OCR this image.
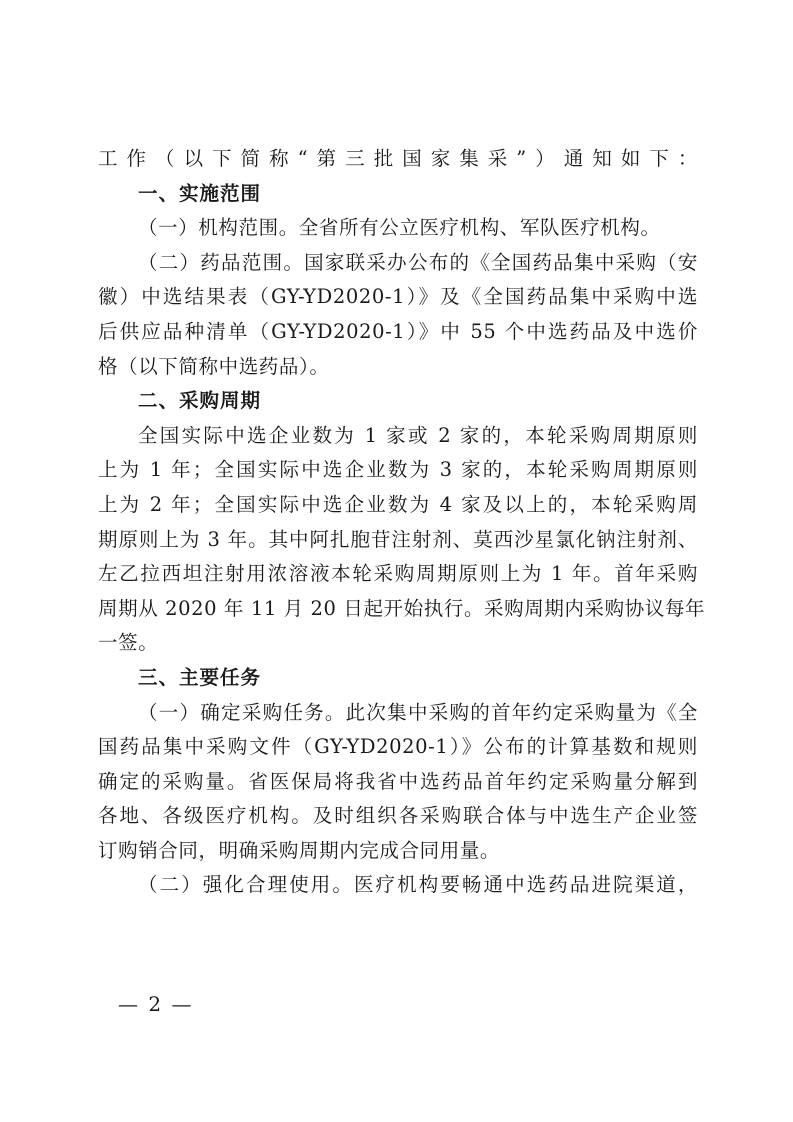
工作（以下简称“第三批国家集采”）通知如下：
一、实施范围
（一）机构范围。全省所有公立医疗机构、军队医疗机构。
（二）药品范围。国家联采办公布的《全国药品集中采购（安
徽）中选结果表（GY-YD2020-1）》及《全国药品集中采购中选
后供应品种清单（GY-YD2020-1）》中 55 个中选药品及中选价
格（以下简称中选药品）。
二、采购周期
全国实际中选企业数为 1 家或 2 家的，本轮采购周期原则
上为 1 年；全国实际中选企业数为 3 家的，本轮采购周期原则
上为 2 年；全国实际中选企业数为 4 家及以上的，本轮采购周
期原则上为 3 年。其中阿扎胞苷注射剂、莫西沙星氯化钠注射剂、
左乙拉西坦注射用浓溶液本轮采购周期原则上为 1 年。首年采购
周期从 2020 年 11 月 20 日起开始执行。采购周期内采购协议每年
一签。
三、主要任务
（一）确定采购任务。此次集中采购的首年约定采购量为《全
国药品集中采购文件（GY-YD2020-1）》公布的计算基数和规则
确定的采购量。省医保局将我省中选药品首年约定采购量分解到
各地、各级医疗机构。及时组织各采购联合体与中选生产企业签
订购销合同，明确采购周期内完成合同用量。
（二）强化合理使用。医疗机构要畅通中选药品进院渠道，
— 2 —
